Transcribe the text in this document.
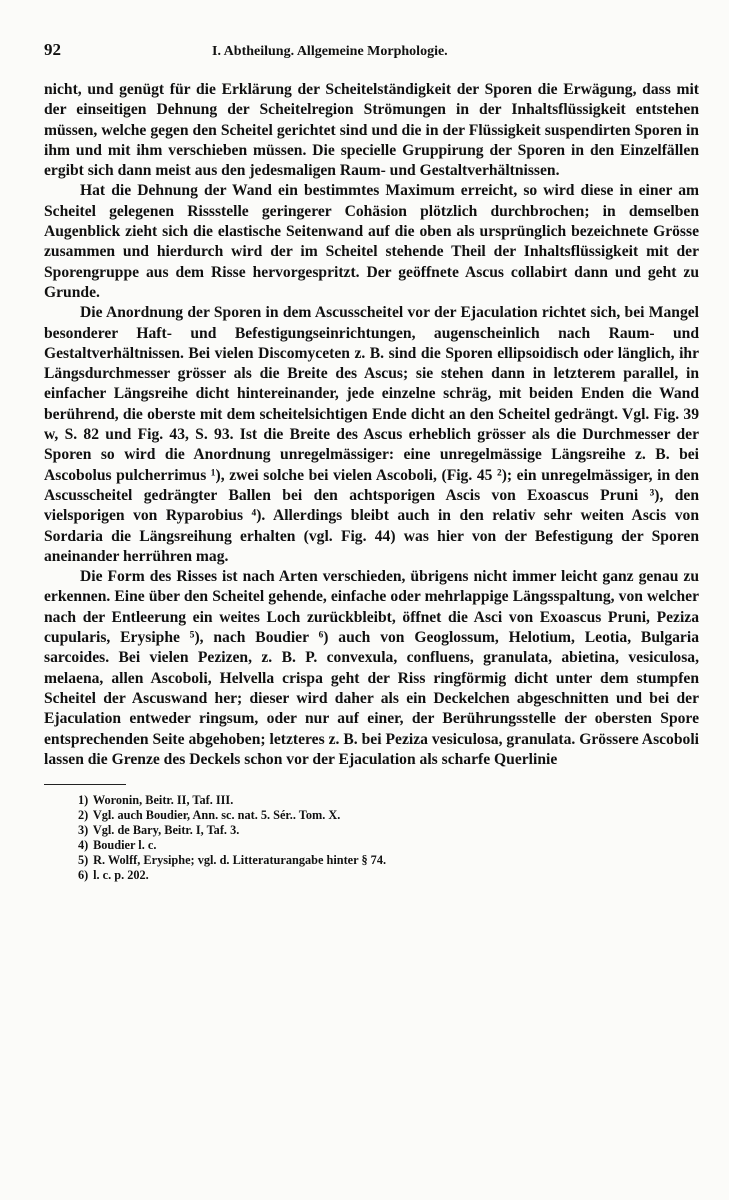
92	I. Abtheilung. Allgemeine Morphologie.

nicht, und genügt für die Erklärung der Scheitelständigkeit der Sporen die Erwägung, dass mit der einseitigen Dehnung der Scheitelregion Strömungen in der Inhaltsflüssigkeit entstehen müssen, welche gegen den Scheitel gerichtet sind und die in der Flüssigkeit suspendirten Sporen in ihm und mit ihm verschieben müssen. Die specielle Gruppirung der Sporen in den Einzelfällen ergibt sich dann meist aus den jedesmaligen Raum- und Gestaltverhältnissen.

Hat die Dehnung der Wand ein bestimmtes Maximum erreicht, so wird diese in einer am Scheitel gelegenen Rissstelle geringerer Cohäsion plötzlich durchbrochen; in demselben Augenblick zieht sich die elastische Seitenwand auf die oben als ursprünglich bezeichnete Grösse zusammen und hierdurch wird der im Scheitel stehende Theil der Inhaltsflüssigkeit mit der Sporengruppe aus dem Risse hervorgespritzt. Der geöffnete Ascus collabirt dann und geht zu Grunde.

Die Anordnung der Sporen in dem Ascusscheitel vor der Ejaculation richtet sich, bei Mangel besonderer Haft- und Befestigungseinrichtungen, augenscheinlich nach Raum- und Gestaltverhältnissen. Bei vielen Discomyceten z. B. sind die Sporen ellipsoidisch oder länglich, ihr Längsdurchmesser grösser als die Breite des Ascus; sie stehen dann in letzterem parallel, in einfacher Längsreihe dicht hintereinander, jede einzelne schräg, mit beiden Enden die Wand berührend, die oberste mit dem scheitelsichtigen Ende dicht an den Scheitel gedrängt. Vgl. Fig. 39 w, S. 82 und Fig. 43, S. 93. Ist die Breite des Ascus erheblich grösser als die Durchmesser der Sporen so wird die Anordnung unregelmässiger: eine unregelmässige Längsreihe z. B. bei Ascobolus pulcherrimus ¹), zwei solche bei vielen Ascoboli, (Fig. 45 ²); ein unregelmässiger, in den Ascusscheitel gedrängter Ballen bei den achtsporigen Ascis von Exoascus Pruni ³), den vielsporigen von Ryparobius ⁴). Allerdings bleibt auch in den relativ sehr weiten Ascis von Sordaria die Längsreihung erhalten (vgl. Fig. 44) was hier von der Befestigung der Sporen aneinander herrühren mag.

Die Form des Risses ist nach Arten verschieden, übrigens nicht immer leicht ganz genau zu erkennen. Eine über den Scheitel gehende, einfache oder mehrlappige Längsspaltung, von welcher nach der Entleerung ein weites Loch zurückbleibt, öffnet die Asci von Exoascus Pruni, Peziza cupularis, Erysiphe ⁵), nach Boudier ⁶) auch von Geoglossum, Helotium, Leotia, Bulgaria sarcoides. Bei vielen Pezizen, z. B. P. convexula, confluens, granulata, abietina, vesiculosa, melaena, allen Ascoboli, Helvella crispa geht der Riss ringförmig dicht unter dem stumpfen Scheitel der Ascuswand her; dieser wird daher als ein Deckelchen abgeschnitten und bei der Ejaculation entweder ringsum, oder nur auf einer, der Berührungsstelle der obersten Spore entsprechenden Seite abgehoben; letzteres z. B. bei Peziza vesiculosa, granulata. Grössere Ascoboli lassen die Grenze des Deckels schon vor der Ejaculation als scharfe Querlinie

1) Woronin, Beitr. II, Taf. III.
2) Vgl. auch Boudier, Ann. sc. nat. 5. Sér.. Tom. X.
3) Vgl. de Bary, Beitr. I, Taf. 3.
4) Boudier l. c.
5) R. Wolff, Erysiphe; vgl. d. Litteraturangabe hinter § 74.
6) l. c. p. 202.
